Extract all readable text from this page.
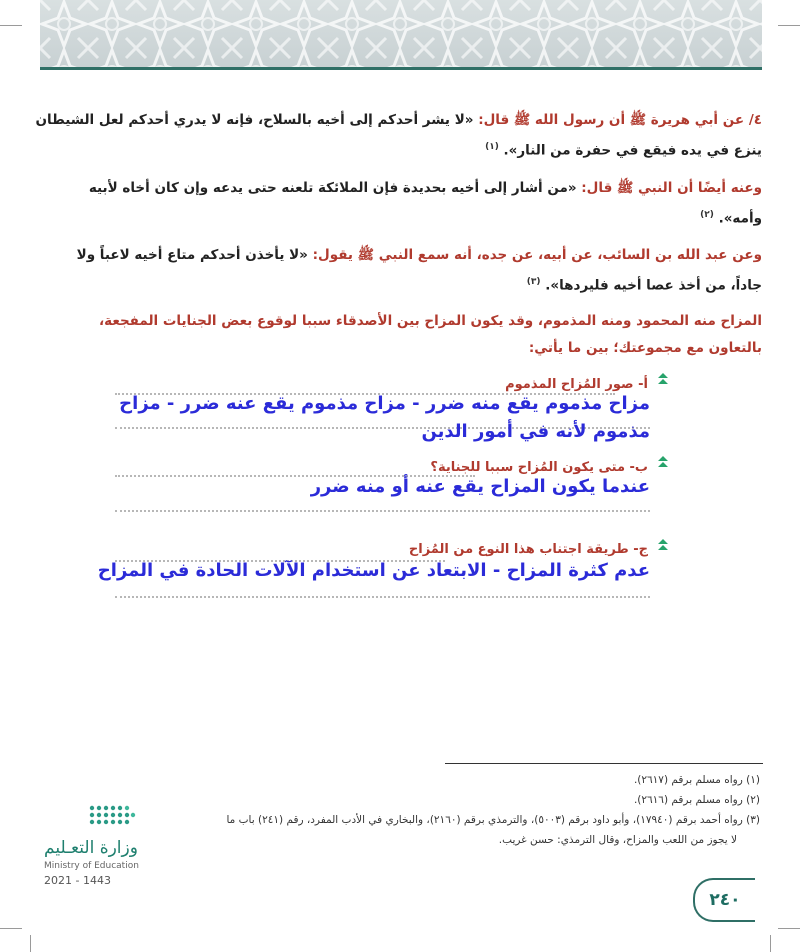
٤/ عن أبي هريرة ﷺ أن رسول الله ﷺ قال: «لا يشر أحدكم إلى أخيه بالسلاح، فإنه لا يدري أحدكم لعل الشيطان
ينزع في يده فيقع في حفرة من النار». $^{(١)}$
وعنه أيضًا أن النبي ﷺ قال: «من أشار إلى أخيه بحديدة فإن الملائكة تلعنه حتى يدعه وإن كان أخاه لأبيه
وأمه». $^{(٢)}$
وعن عبد الله بن السائب، عن أبيه، عن جده، أنه سمع النبي ﷺ يقول: «لا يأخذن أحدكم متاع أخيه لاعباً ولا
جاداً، من أخذ عصا أخيه فليردها». $^{(٣)}$
المزاح منه المحمود ومنه المذموم، وقد يكون المزاح بين الأصدقاء سببا لوقوع بعض الجنايات المفجعة،
بالتعاون مع مجموعتك؛ بين ما يأتي:
أ- صور المُزاح المذموم
مزاح مذموم يقع منه ضرر - مزاح مذموم يقع عنه ضرر - مزاح
مذموم لأنه في أمور الدين
ب- متى يكون المُزاح سببا للجناية؟
عندما يكون المزاح يقع عنه أو منه ضرر
ج- طريقة اجتناب هذا النوع من المُزاح
عدم كثرة المزاح - الابتعاد عن استخدام الآلات الحادة في المزاح
(١) رواه مسلم برقم (٢٦١٧).
(٢) رواه مسلم برقم (٢٦١٦).
(٣) رواه أحمد برقم (١٧٩٤٠)، وأبو داود برقم (٥٠٠٣)، والترمذي برقم (٢١٦٠)، والبخاري في الأدب المفرد، رقم (٢٤١) باب ما
لا يجوز من اللعب والمزاح، وقال الترمذي: حسن غريب.
وزارة التعـليم
Ministry of Education
2021 - 1443
٢٤٠
